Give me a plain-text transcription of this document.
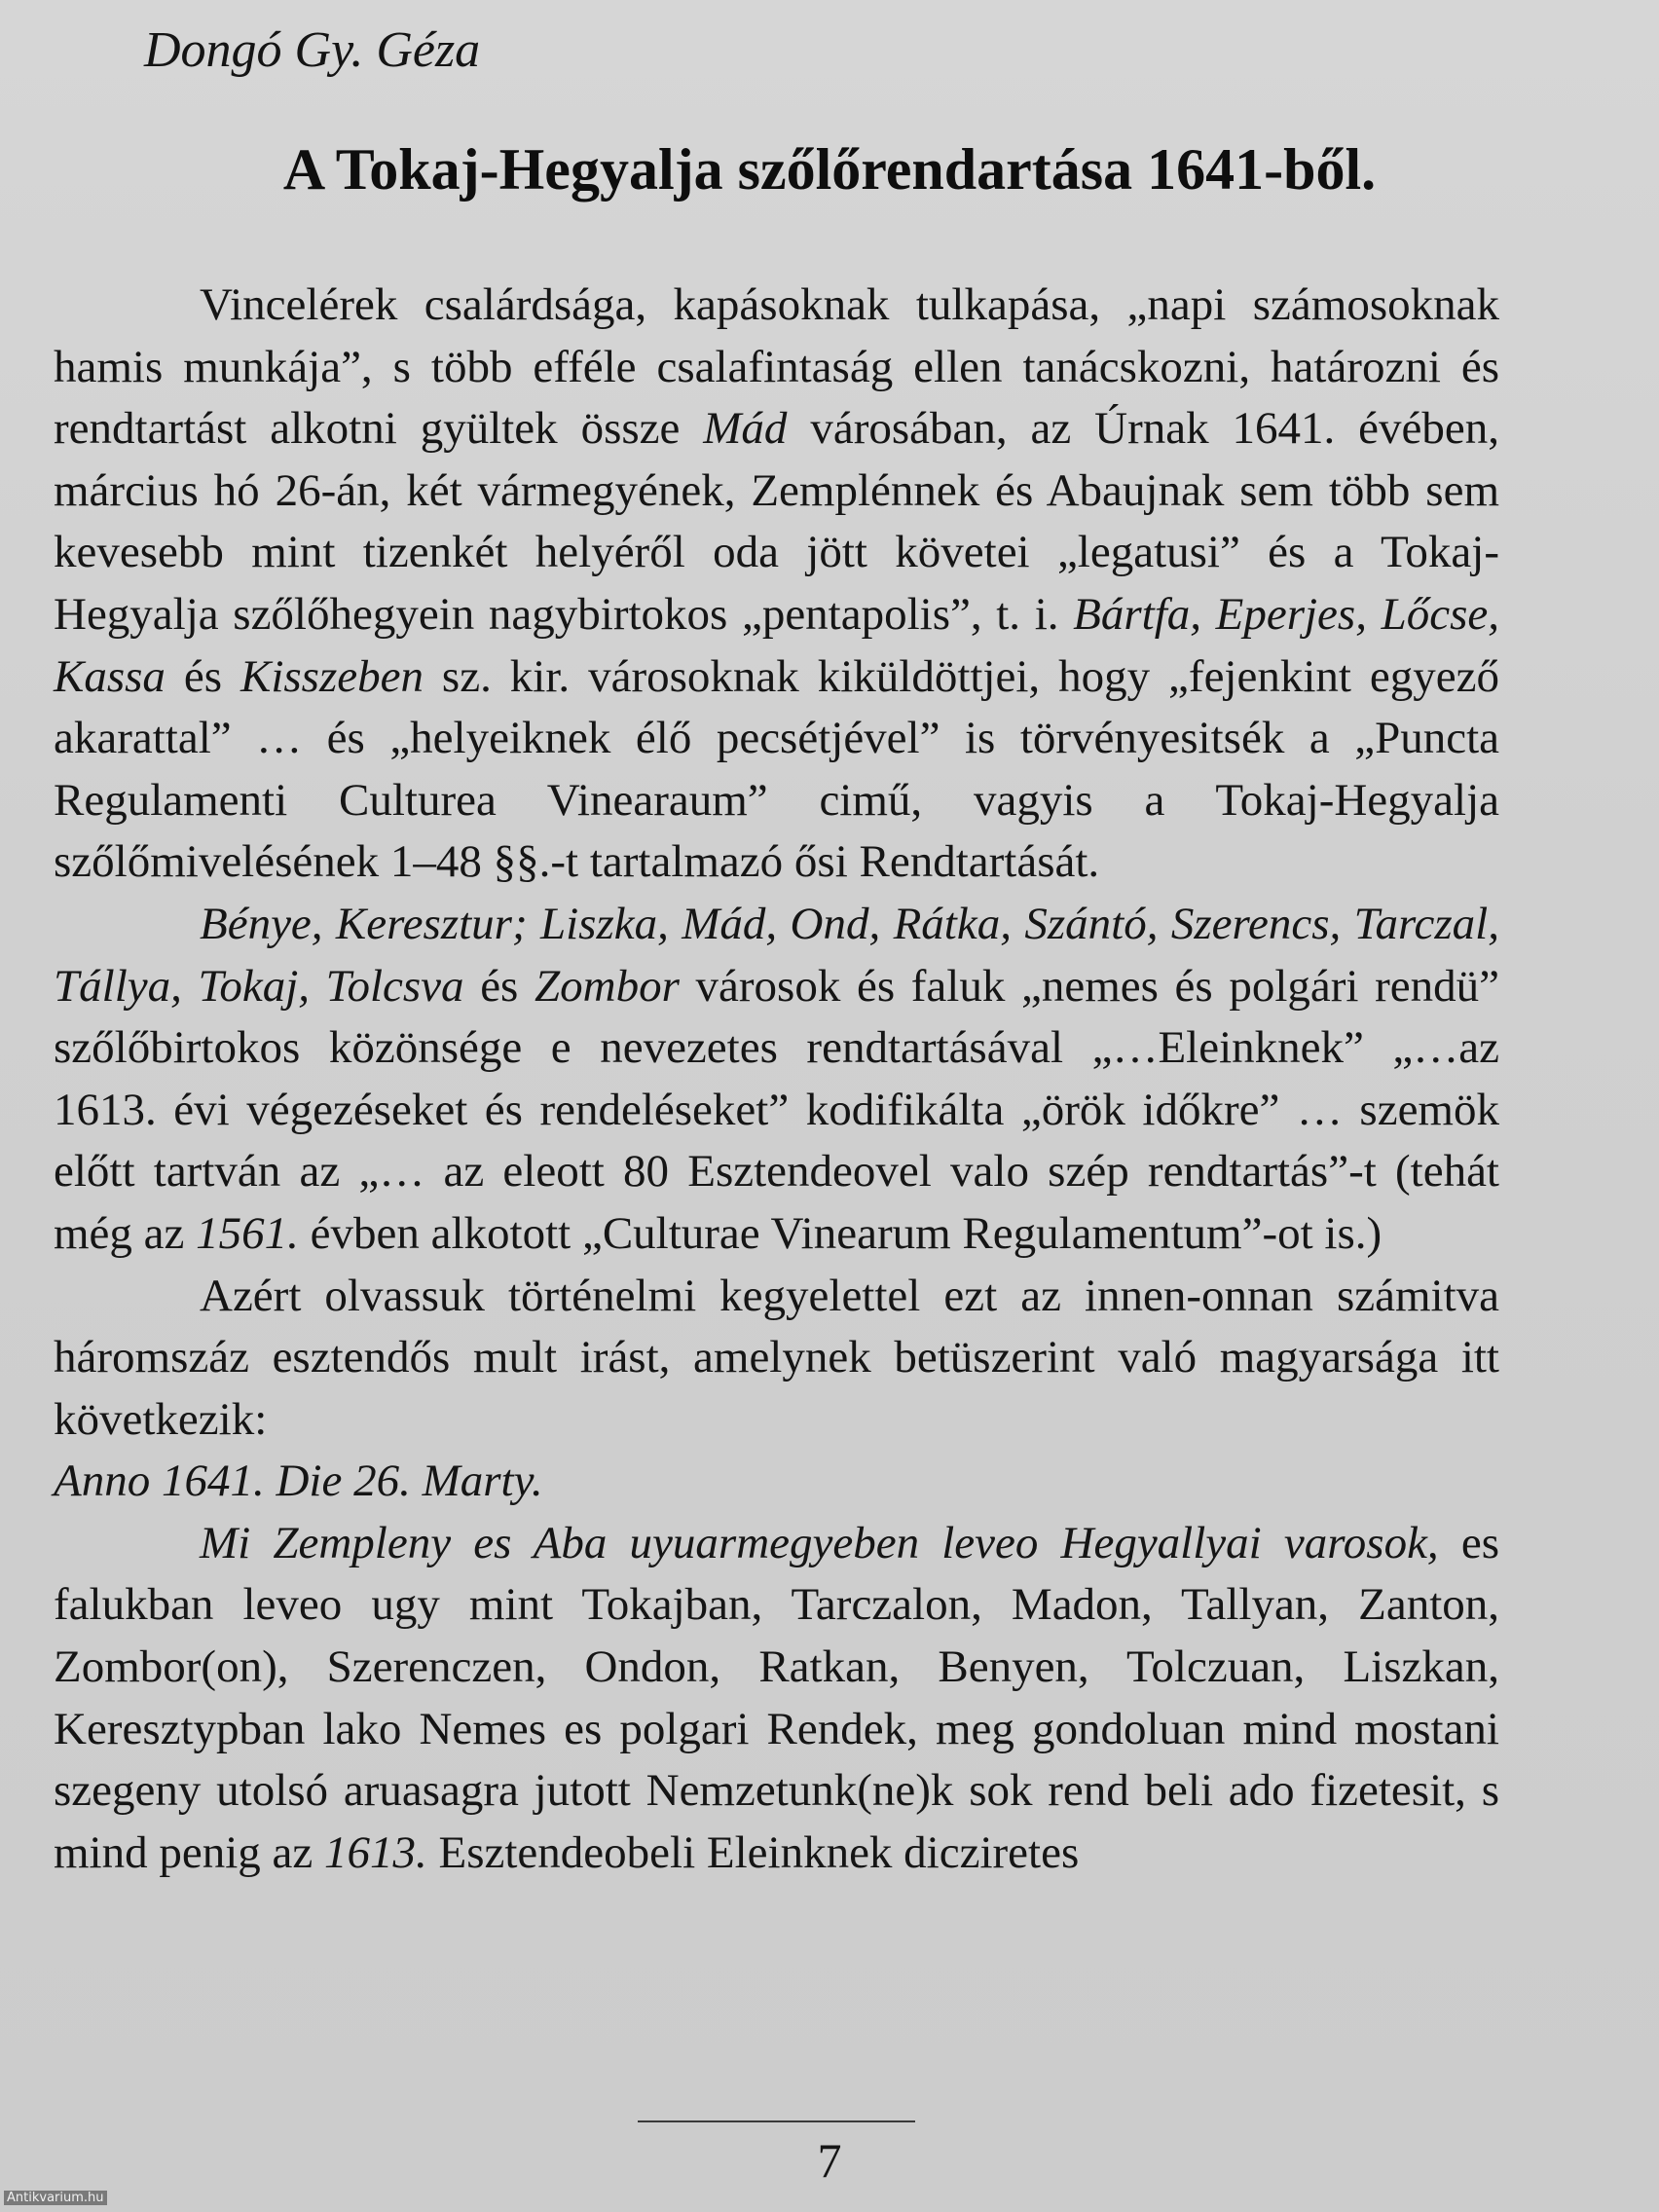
Dongó Gy. Géza
A Tokaj-Hegyalja szőlőrendartása 1641-ből.

Vincelérek csalárdsága, kapásoknak tulkapása, „napi számosoknak hamis munkája”, s több efféle csalafintaság ellen tanácskozni, határozni és rendtartást alkotni gyültek össze Mád városában, az Úrnak 1641. évében, március hó 26-án, két vármegyének, Zemplénnek és Abaujnak sem több sem kevesebb mint tizenkét helyéről oda jött követei „legatusi” és a Tokaj-Hegyalja szőlőhegyein nagybirtokos „pentapolis”, t. i. Bártfa, Eperjes, Lőcse, Kassa és Kisszeben sz. kir. városoknak kiküldöttjei, hogy „fejenkint egyező akarattal” … és „helyeiknek élő pecsétjével” is törvényesitsék a „Puncta Regulamenti Culturea Vinearaum” cimű, vagyis a Tokaj-Hegyalja szőlőmivelésének 1–48 §§.-t tartalmazó ősi Rendtartását.

Bénye, Keresztur; Liszka, Mád, Ond, Rátka, Szántó, Szerencs, Tarczal, Tállya, Tokaj, Tolcsva és Zombor városok és faluk „nemes és polgári rendü” szőlőbirtokos közönsége e nevezetes rendtartásával „…Eleinknek” „…az 1613. évi végezéseket és rendeléseket” kodifikálta „örök időkre” … szemök előtt tartván az „… az eleott 80 Esztendeovel valo szép rendtartás”-t (tehát még az 1561. évben alkotott „Culturae Vinearum Regulamentum”-ot is.)

Azért olvassuk történelmi kegyelettel ezt az innen-onnan számitva háromszáz esztendős mult irást, amelynek betüszerint való magyarsága itt következik:

Anno 1641. Die 26. Marty.

Mi Zempleny es Aba uyuarmegyeben leveo Hegyallyai varosok, es falukban leveo ugy mint Tokajban, Tarczalon, Madon, Tallyan, Zanton, Zombor(on), Szerenczen, Ondon, Ratkan, Benyen, Tolczuan, Liszkan, Keresztурban lako Nemes es polgari Rendek, meg gondoluan mind mostani szegeny utolsó aruasagra jutott Nemzetunk(ne)k sok rend beli ado fizetesit, s mind penig az 1613. Esztendeobeli Eleinknek dicziretes

7
Antikvarium.hu
